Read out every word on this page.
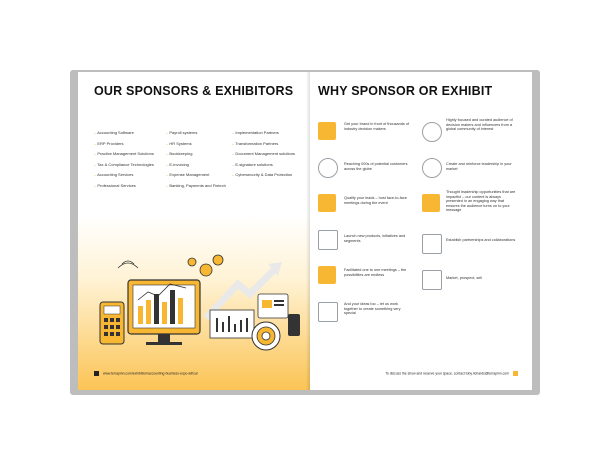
OUR SPONSORS & EXHIBITORS
– Accounting Software
– ERP Providers
– Practice Management Solutions
– Tax & Compliance Technologies
– Accounting Services
– Professional Services
– Payroll systems
– HR Systems
– Bookkeeping
– E-invoicing
– Expense Management
– Banking, Payments and Fintech
– Implementation Partners
– Transformation Partners
– Document Management solutions
– E-signature solutions
– Cybersecurity & Data Protection
www.terrapinn.com/exhibition/accounting-business-expo-africa/
WHY SPONSOR OR EXHIBIT
Get your brand in front of thousands of industry decision makers
Reaching 000s of potential customers across the globe
Qualify your leads – host face-to-face meetings during the event
Launch new products, initiatives and segments
Facilitated one to one meetings – the possibilities are endless
And your ideas too – let us work together to create something very special
Highly focused and curated audience of decision makers and influencers from a global community of interest
Create and reinforce leadership in your market
Thought leadership opportunities that are impactful – our content is always presented in an engaging way that ensures the audience turns on to your message
Establish partnerships and collaborations
Market, prospect, sell
To discuss the show and reserve your space, contact toby.richards@terrapinn.com
